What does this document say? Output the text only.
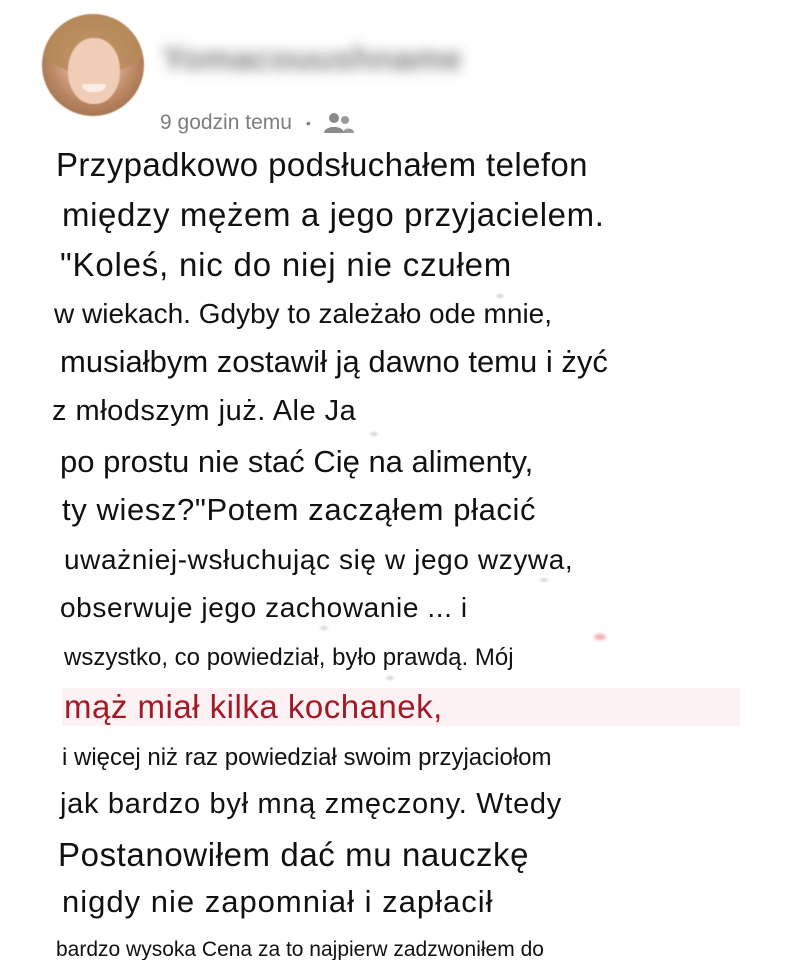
Yomacouushname
9 godzin temu •
Przypadkowo podsłuchałem telefon
między mężem a jego przyjacielem.
"Koleś, nic do niej nie czułem
w wiekach. Gdyby to zależało ode mnie,
musiałbym zostawił ją dawno temu i żyć
z młodszym już. Ale Ja
po prostu nie stać Cię na alimenty,
ty wiesz?"Potem zacząłem płacić
uważniej-wsłuchując się w jego wzywa,
obserwuje jego zachowanie ... i
wszystko, co powiedział, było prawdą. Mój
mąż miał kilka kochanek,
i więcej niż raz powiedział swoim przyjaciołom
jak bardzo był mną zmęczony. Wtedy
Postanowiłem dać mu nauczkę
nigdy nie zapomniał i zapłacił
bardzo wysoka Cena za to najpierw zadzwoniłem do
